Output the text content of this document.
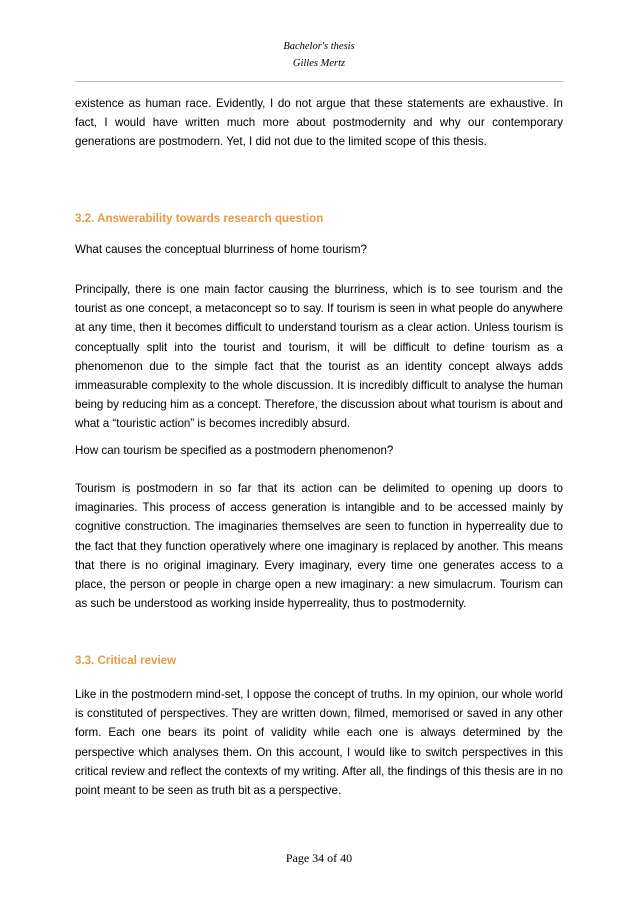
Bachelor's thesis
Gilles Mertz

existence as human race. Evidently, I do not argue that these statements are exhaustive. In fact, I would have written much more about postmodernity and why our contemporary generations are postmodern. Yet, I did not due to the limited scope of this thesis.

3.2. Answerability towards research question

What causes the conceptual blurriness of home tourism?

Principally, there is one main factor causing the blurriness, which is to see tourism and the tourist as one concept, a metaconcept so to say. If tourism is seen in what people do anywhere at any time, then it becomes difficult to understand tourism as a clear action. Unless tourism is conceptually split into the tourist and tourism, it will be difficult to define tourism as a phenomenon due to the simple fact that the tourist as an identity concept always adds immeasurable complexity to the whole discussion. It is incredibly difficult to analyse the human being by reducing him as a concept. Therefore, the discussion about what tourism is about and what a “touristic action” is becomes incredibly absurd.

How can tourism be specified as a postmodern phenomenon?

Tourism is postmodern in so far that its action can be delimited to opening up doors to imaginaries. This process of access generation is intangible and to be accessed mainly by cognitive construction. The imaginaries themselves are seen to function in hyperreality due to the fact that they function operatively where one imaginary is replaced by another. This means that there is no original imaginary. Every imaginary, every time one generates access to a place, the person or people in charge open a new imaginary: a new simulacrum. Tourism can as such be understood as working inside hyperreality, thus to postmodernity.

3.3. Critical review

Like in the postmodern mind-set, I oppose the concept of truths. In my opinion, our whole world is constituted of perspectives. They are written down, filmed, memorised or saved in any other form. Each one bears its point of validity while each one is always determined by the perspective which analyses them. On this account, I would like to switch perspectives in this critical review and reflect the contexts of my writing. After all, the findings of this thesis are in no point meant to be seen as truth bit as a perspective.

Page 34 of 40
